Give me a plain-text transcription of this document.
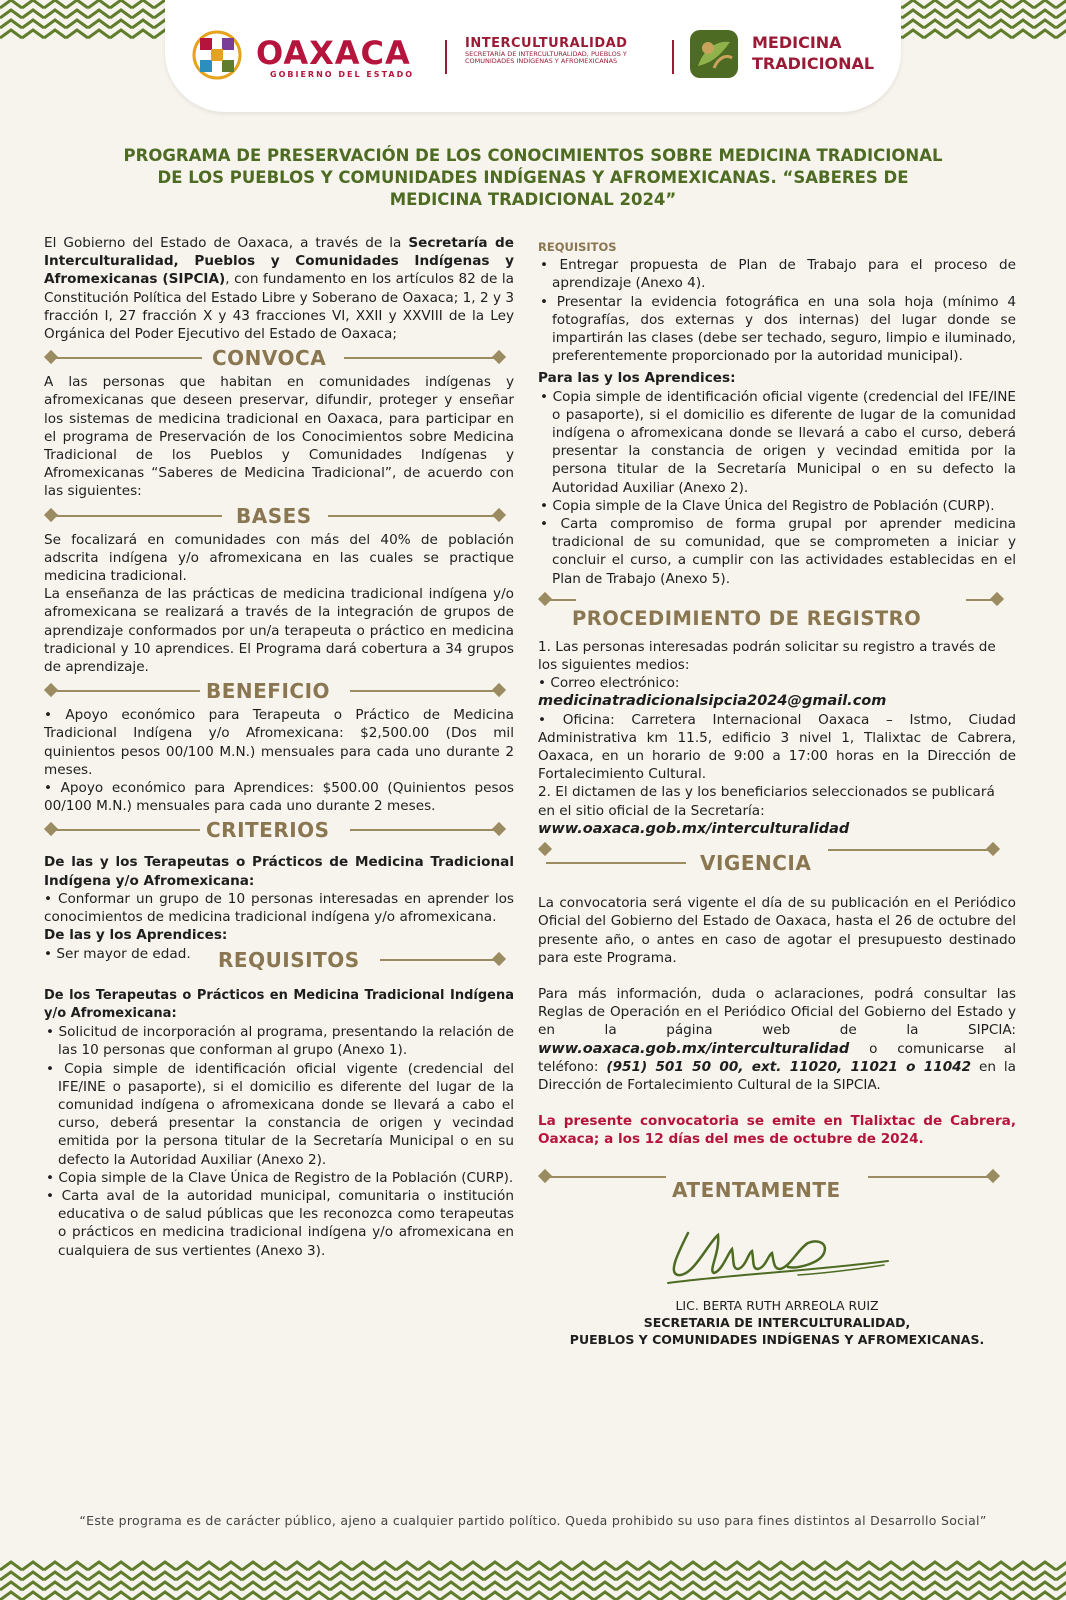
OAXACA
GOBIERNO DEL ESTADO
INTERCULTURALIDAD
SECRETARÍA DE INTERCULTURALIDAD, PUEBLOS Y COMUNIDADES INDÍGENAS Y AFROMEXICANAS
MEDICINA
TRADICIONAL
PROGRAMA DE PRESERVACIÓN DE LOS CONOCIMIENTOS SOBRE MEDICINA TRADICIONAL
DE LOS PUEBLOS Y COMUNIDADES INDÍGENAS Y AFROMEXICANAS. “SABERES DE
MEDICINA TRADICIONAL 2024”

El Gobierno del Estado de Oaxaca, a través de la Secretaría de Interculturalidad, Pueblos y Comunidades Indígenas y Afromexicanas (SIPCIA), con fundamento en los artículos 82 de la Constitución Política del Estado Libre y Soberano de Oaxaca; 1, 2 y 3 fracción I, 27 fracción X y 43 fracciones VI, XXII y XXVIII de la Ley Orgánica del Poder Ejecutivo del Estado de Oaxaca;

CONVOCA

A las personas que habitan en comunidades indígenas y afromexicanas que deseen preservar, difundir, proteger y enseñar los sistemas de medicina tradicional en Oaxaca, para participar en el programa de Preservación de los Conocimientos sobre Medicina Tradicional de los Pueblos y Comunidades Indígenas y Afromexicanas “Saberes de Medicina Tradicional”, de acuerdo con las siguientes:

BASES

Se focalizará en comunidades con más del 40% de población adscrita indígena y/o afromexicana en las cuales se practique medicina tradicional.

La enseñanza de las prácticas de medicina tradicional indígena y/o afromexicana se realizará a través de la integración de grupos de aprendizaje conformados por un/a terapeuta o práctico en medicina tradicional y 10 aprendices. El Programa dará cobertura a 34 grupos de aprendizaje.

BENEFICIO

• Apoyo económico para Terapeuta o Práctico de Medicina Tradicional Indígena y/o Afromexicana: $2,500.00 (Dos mil quinientos pesos 00/100 M.N.) mensuales para cada uno durante 2 meses.

• Apoyo económico para Aprendices: $500.00 (Quinientos pesos 00/100 M.N.) mensuales para cada uno durante 2 meses.

CRITERIOS

De las y los Terapeutas o Prácticos de Medicina Tradicional Indígena y/o Afromexicana:

• Conformar un grupo de 10 personas interesadas en aprender los conocimientos de medicina tradicional indígena y/o afromexicana.

De las y los Aprendices:

• Ser mayor de edad.	REQUISITOS

De los Terapeutas o Prácticos en Medicina Tradicional Indígena y/o Afromexicana:

• Solicitud de incorporación al programa, presentando la relación de las 10 personas que conforman al grupo (Anexo 1).

• Copia simple de identificación oficial vigente (credencial del IFE/INE o pasaporte), si el domicilio es diferente del lugar de la comunidad indígena o afromexicana donde se llevará a cabo el curso, deberá presentar la constancia de origen y vecindad emitida por la persona titular de la Secretaría Municipal o en su defecto la Autoridad Auxiliar (Anexo 2).

• Copia simple de la Clave Única de Registro de la Población (CURP).

• Carta aval de la autoridad municipal, comunitaria o institución educativa o de salud públicas que les reconozca como terapeutas o prácticos en medicina tradicional indígena y/o afromexicana en cualquiera de sus vertientes (Anexo 3).

REQUISITOS

• Entregar propuesta de Plan de Trabajo para el proceso de aprendizaje (Anexo 4).

• Presentar la evidencia fotográfica en una sola hoja (mínimo 4 fotografías, dos externas y dos internas) del lugar donde se impartirán las clases (debe ser techado, seguro, limpio e iluminado, preferentemente proporcionado por la autoridad municipal).

Para las y los Aprendices:

• Copia simple de identificación oficial vigente (credencial del IFE/INE o pasaporte), si el domicilio es diferente de lugar de la comunidad indígena o afromexicana donde se llevará a cabo el curso, deberá presentar la constancia de origen y vecindad emitida por la persona titular de la Secretaría Municipal o en su defecto la Autoridad Auxiliar (Anexo 2).

• Copia simple de la Clave Única del Registro de Población (CURP).

• Carta compromiso de forma grupal por aprender medicina tradicional de su comunidad, que se comprometen a iniciar y concluir el curso, a cumplir con las actividades establecidas en el Plan de Trabajo (Anexo 5).

PROCEDIMIENTO DE REGISTRO

1. Las personas interesadas podrán solicitar su registro a través de los siguientes medios:

• Correo electrónico:

medicinatradicionalsipcia2024@gmail.com

• Oficina: Carretera Internacional Oaxaca – Istmo, Ciudad Administrativa km 11.5, edificio 3 nivel 1, Tlalixtac de Cabrera, Oaxaca, en un horario de 9:00 a 17:00 horas en la Dirección de Fortalecimiento Cultural.

2. El dictamen de las y los beneficiarios seleccionados se publicará en el sitio oficial de la Secretaría:

www.oaxaca.gob.mx/interculturalidad

VIGENCIA

La convocatoria será vigente el día de su publicación en el Periódico Oficial del Gobierno del Estado de Oaxaca, hasta el 26 de octubre del presente año, o antes en caso de agotar el presupuesto destinado para este Programa.

Para más información, duda o aclaraciones, podrá consultar las Reglas de Operación en el Periódico Oficial del Gobierno del Estado y en la página web de la SIPCIA: www.oaxaca.gob.mx/interculturalidad o comunicarse al teléfono: (951) 501 50 00, ext. 11020, 11021 o 11042 en la Dirección de Fortalecimiento Cultural de la SIPCIA.

La presente convocatoria se emite en Tlalixtac de Cabrera, Oaxaca; a los 12 días del mes de octubre de 2024.

ATENTAMENTE
LIC. BERTA RUTH ARREOLA RUIZ
SECRETARIA DE INTERCULTURALIDAD,
PUEBLOS Y COMUNIDADES INDÍGENAS Y AFROMEXICANAS.
“Este programa es de carácter público, ajeno a cualquier partido político. Queda prohibido su uso para fines distintos al Desarrollo Social”
